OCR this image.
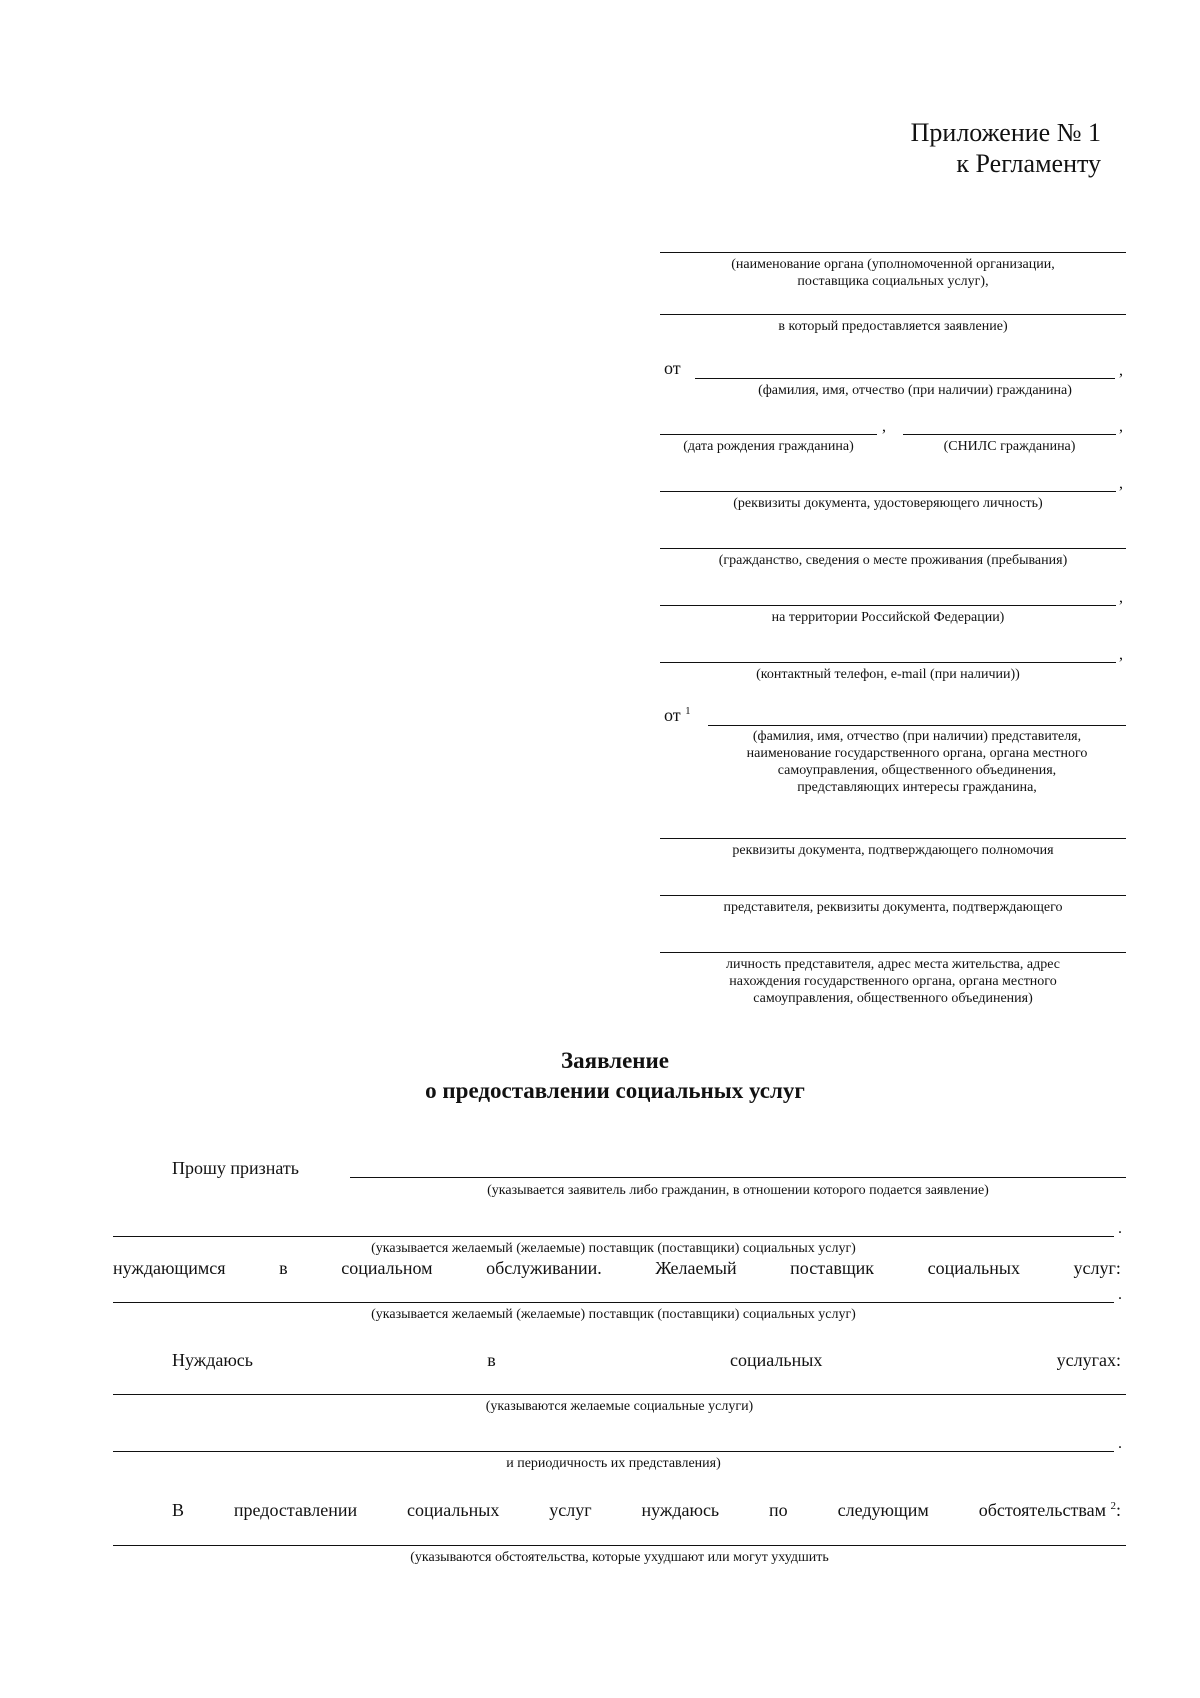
Приложение № 1
к Регламенту
(наименование органа (уполномоченной организации,
поставщика социальных услуг),
в который предоставляется заявление)
от	,
(фамилия, имя, отчество (при наличии) гражданина)
,	,
(дата рождения гражданина)	(СНИЛС гражданина)
,
(реквизиты документа, удостоверяющего личность)
(гражданство, сведения о месте проживания (пребывания)
,
на территории Российской Федерации)
,
(контактный телефон, e-mail (при наличии))
от $^1$
(фамилия, имя, отчество (при наличии) представителя,
наименование государственного органа, органа местного
самоуправления, общественного объединения,
представляющих интересы гражданина,
реквизиты документа, подтверждающего полномочия
представителя, реквизиты документа, подтверждающего
личность представителя, адрес места жительства, адрес
нахождения государственного органа, органа местного
самоуправления, общественного объединения)
Заявление
о предоставлении социальных услуг
Прошу признать
(указывается заявитель либо гражданин, в отношении которого подается заявление)
.
(указывается желаемый (желаемые) поставщик (поставщики) социальных услуг)
нуждающимся	в	социальном	обслуживании.	Желаемый	поставщик	социальных	услуг:
.
(указывается желаемый (желаемые) поставщик (поставщики) социальных услуг)
Нуждаюсь	в	социальных	услугах:
(указываются желаемые социальные услуги)
.
и периодичность их представления)
В	предоставлении	социальных	услуг	нуждаюсь	по	следующим	обстоятельствам $^2$:
(указываются обстоятельства, которые ухудшают или могут ухудшить
